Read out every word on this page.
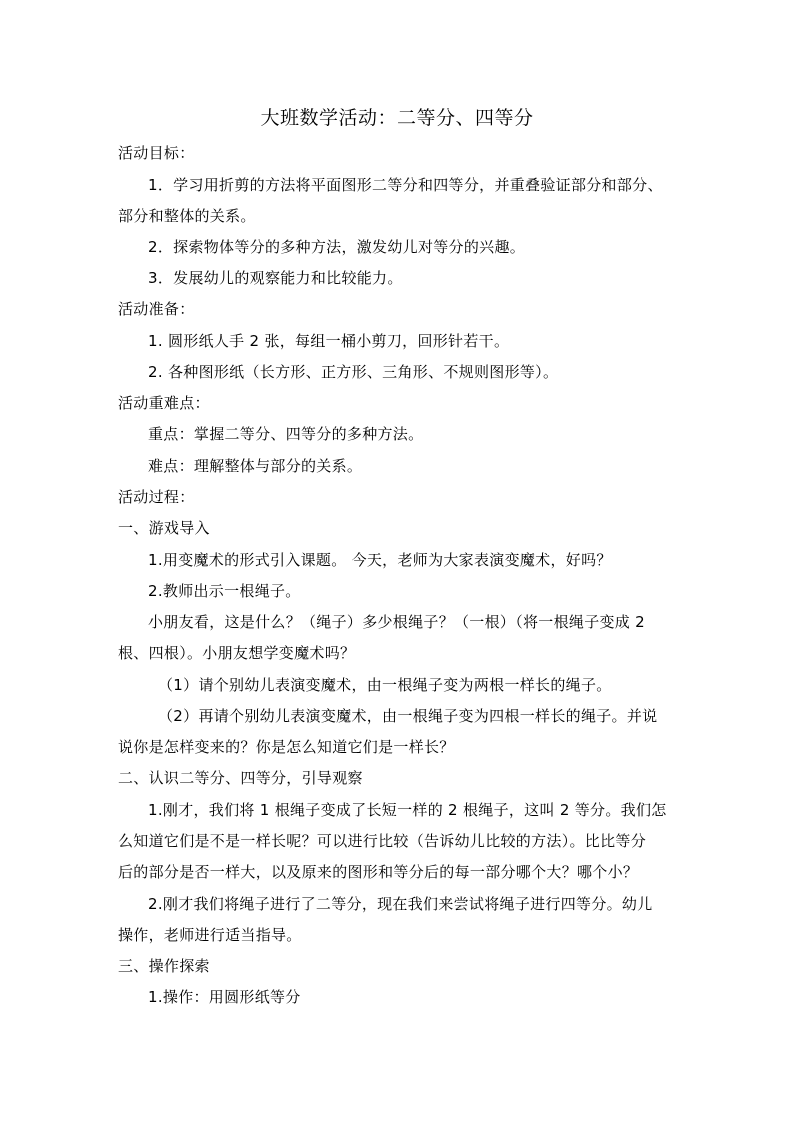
大班数学活动：二等分、四等分
活动目标：
1．学习用折剪的方法将平面图形二等分和四等分，并重叠验证部分和部分、
部分和整体的关系。
2．探索物体等分的多种方法，激发幼儿对等分的兴趣。
3．发展幼儿的观察能力和比较能力。
活动准备：
1. 圆形纸人手 2 张，每组一桶小剪刀，回形针若干。
2. 各种图形纸（长方形、正方形、三角形、不规则图形等）。
活动重难点：
重点：掌握二等分、四等分的多种方法。
难点：理解整体与部分的关系。
活动过程：
一、游戏导入
1.用变魔术的形式引入课题。 今天，老师为大家表演变魔术，好吗？
2.教师出示一根绳子。
小朋友看，这是什么？（绳子）多少根绳子？（一根）（将一根绳子变成 2
根、四根）。小朋友想学变魔术吗？
（1）请个别幼儿表演变魔术，由一根绳子变为两根一样长的绳子。
（2）再请个别幼儿表演变魔术，由一根绳子变为四根一样长的绳子。并说
说你是怎样变来的？你是怎么知道它们是一样长？
二、认识二等分、四等分，引导观察
1.刚才，我们将 1 根绳子变成了长短一样的 2 根绳子，这叫 2 等分。我们怎
么知道它们是不是一样长呢？可以进行比较（告诉幼儿比较的方法）。比比等分
后的部分是否一样大，以及原来的图形和等分后的每一部分哪个大？哪个小？
2.刚才我们将绳子进行了二等分，现在我们来尝试将绳子进行四等分。幼儿
操作，老师进行适当指导。
三、操作探索
1.操作：用圆形纸等分
